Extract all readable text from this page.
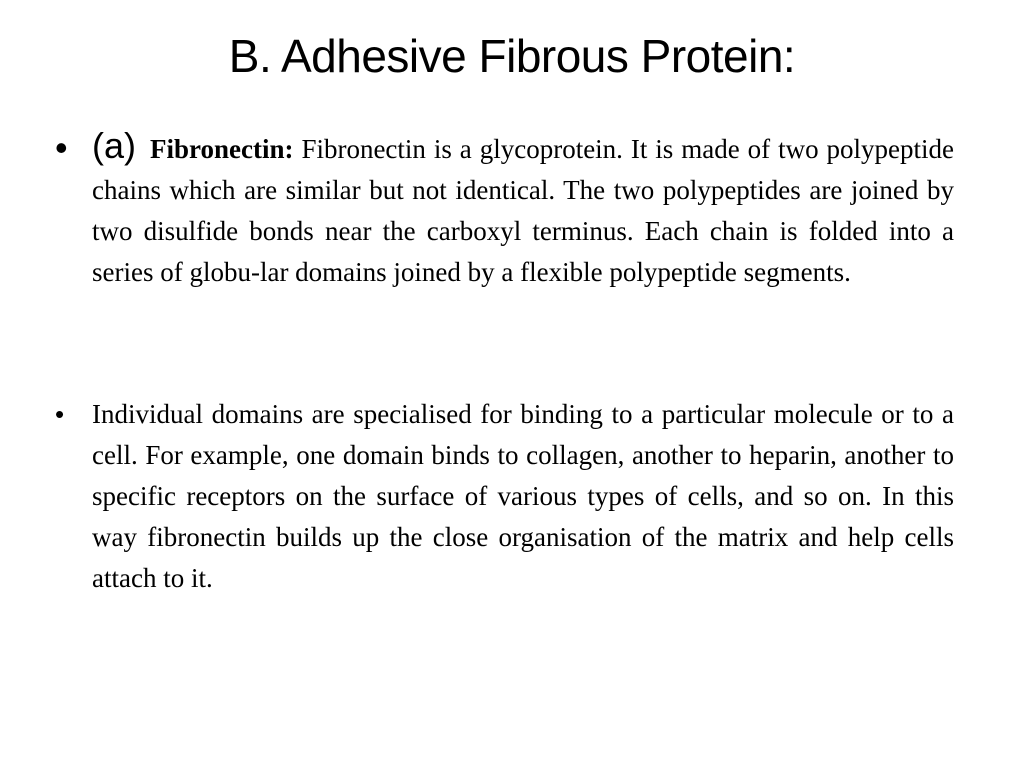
B. Adhesive Fibrous Protein:
• (a) Fibronectin: Fibronectin is a glycoprotein. It is made of two polypeptide chains which are similar but not identical. The two polypeptides are joined by two disulfide bonds near the carboxyl terminus. Each chain is folded into a series of globu-lar domains joined by a flexible polypeptide segments.
• Individual domains are specialised for binding to a particular molecule or to a cell. For example, one domain binds to collagen, another to heparin, another to specific receptors on the surface of various types of cells, and so on. In this way fibronectin builds up the close organisation of the matrix and help cells attach to it.
